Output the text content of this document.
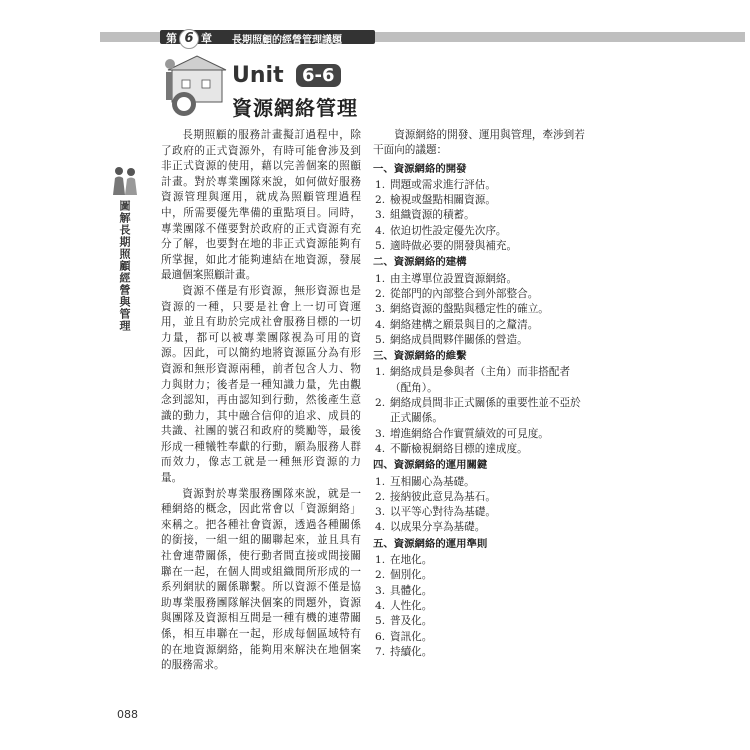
第 6 章 長期照顧的經營管理議題
Unit	6-6
資源網絡管理
圖解長期照顧經營與管理

長期照顧的服務計畫擬訂過程中，除了政府的正式資源外，有時可能會涉及到非正式資源的使用，藉以完善個案的照顧計畫。對於專業團隊來說，如何做好服務資源管理與運用，就成為照顧管理過程中，所需要優先準備的重點項目。同時，專業團隊不僅要對於政府的正式資源有充分了解，也要對在地的非正式資源能夠有所掌握，如此才能夠連結在地資源，發展最適個案照顧計畫。

資源不僅是有形資源，無形資源也是資源的一種，只要是社會上一切可資運用，並且有助於完成社會服務目標的一切力量，都可以被專業團隊視為可用的資源。因此，可以簡約地將資源區分為有形資源和無形資源兩種，前者包含人力、物力與財力；後者是一種知識力量，先由觀念到認知，再由認知到行動，然後產生意識的動力，其中融合信仰的追求、成員的共識、社團的號召和政府的獎勵等，最後形成一種犧牲奉獻的行動，願為服務人群而效力，像志工就是一種無形資源的力量。

資源對於專業服務團隊來說，就是一種網絡的概念，因此常會以「資源網絡」來稱之。把各種社會資源，透過各種關係的銜接，一組一組的關聯起來，並且具有社會連帶關係，使行動者間直接或間接關聯在一起，在個人間或組織間所形成的一系列網狀的關係聯繫。所以資源不僅是協助專業服務團隊解決個案的問題外，資源與團隊及資源相互間是一種有機的連帶關係，相互串聯在一起，形成每個區域特有的在地資源網絡，能夠用來解決在地個案的服務需求。

資源網絡的開發、運用與管理，牽涉到若干面向的議題：

一、資源網絡的開發
1. 問題或需求進行評估。
2. 檢視或盤點相關資源。
3. 組織資源的積蓄。
4. 依迫切性設定優先次序。
5. 適時做必要的開發與補充。
二、資源網絡的建構
1. 由主導單位設置資源網絡。
2. 從部門的內部整合到外部整合。
3. 網絡資源的盤點與穩定性的確立。
4. 網絡建構之願景與目的之釐清。
5. 網絡成員間夥伴關係的營造。
三、資源網絡的維繫
1. 網絡成員是參與者（主角）而非搭配者（配角）。
2. 網絡成員間非正式關係的重要性並不亞於正式關係。
3. 增進網絡合作實質績效的可見度。
4. 不斷檢視網絡目標的達成度。
四、資源網絡的運用關鍵
1. 互相關心為基礎。
2. 接納彼此意見為基石。
3. 以平等心對待為基礎。
4. 以成果分享為基礎。
五、資源網絡的運用準則
1. 在地化。
2. 個別化。
3. 具體化。
4. 人性化。
5. 普及化。
6. 資訊化。
7. 持續化。
088
